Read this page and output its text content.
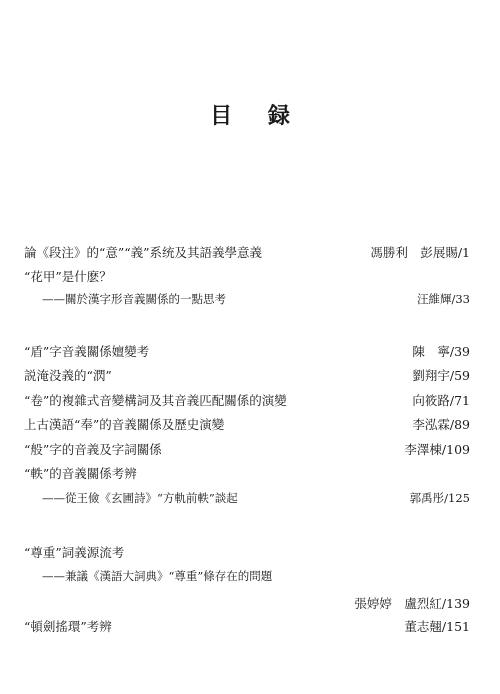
目 録
論《段注》的“意”“義”系统及其語義學意義	馮勝利　彭展賜/1
“花甲”是什麽？
——關於漢字形音義關係的一點思考	汪維輝/33
“盾”字音義關係嬗變考	陳　寧/39
説淹没義的“㴸”	劉翔宇/59
“卷”的複雜式音變構詞及其音義匹配關係的演變	向筱路/71
上古漢語“奉”的音義關係及歷史演變	李泓霖/89
“般”字的音義及字詞關係	李澤棟/109
“軼”的音義關係考辨
——從王儉《玄圃詩》“方軌前軼”談起	郭禹彤/125
“尊重”詞義源流考
——兼議《漢語大詞典》“尊重”條存在的問題
張婷婷　盧烈紅/139
“頓劍搖環”考辨	董志翹/151
